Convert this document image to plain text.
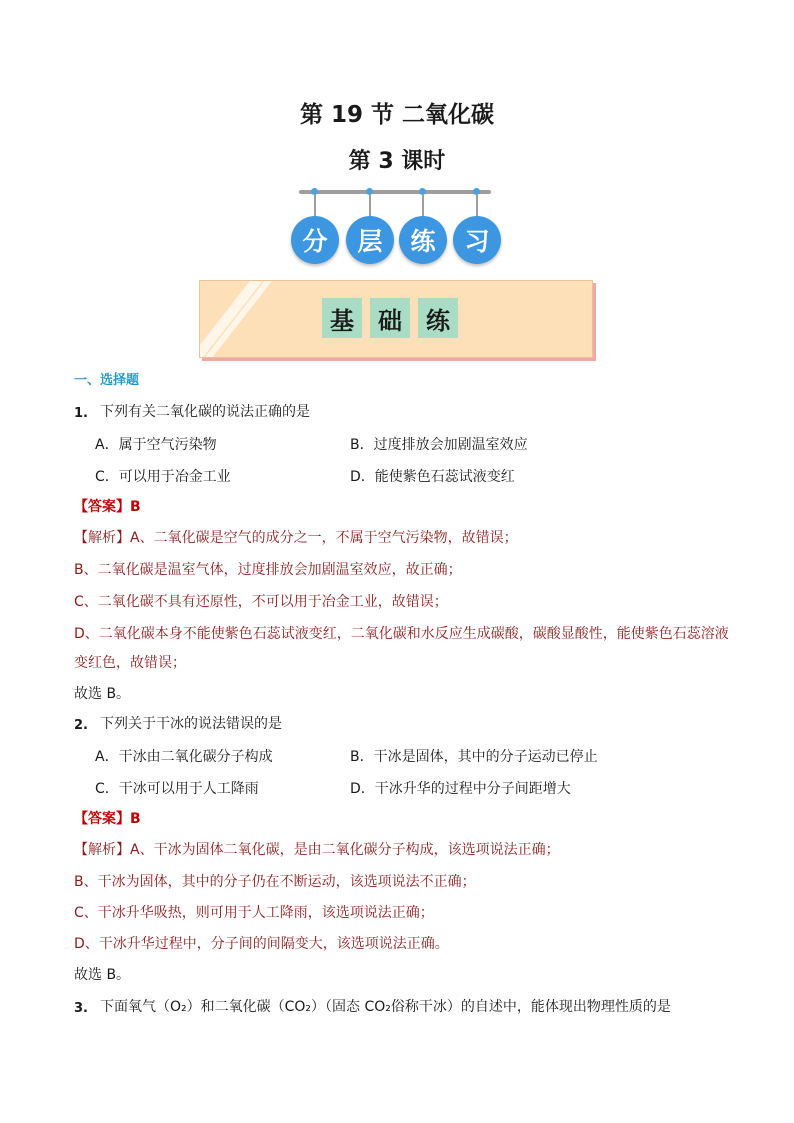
第 19 节 二氧化碳
第 3 课时
分	层	练	习
基	础	练
一、选择题
1. 下列有关二氧化碳的说法正确的是
A．属于空气污染物	B．过度排放会加剧温室效应
C．可以用于冶金工业	D．能使紫色石蕊试液变红
【答案】B
【解析】A、二氧化碳是空气的成分之一，不属于空气污染物，故错误；
B、二氧化碳是温室气体，过度排放会加剧温室效应，故正确；
C、二氧化碳不具有还原性，不可以用于冶金工业，故错误；
D、二氧化碳本身不能使紫色石蕊试液变红，二氧化碳和水反应生成碳酸，碳酸显酸性，能使紫色石蕊溶液
变红色，故错误；
故选 B。
2. 下列关于干冰的说法错误的是
A．干冰由二氧化碳分子构成	B．干冰是固体，其中的分子运动已停止
C．干冰可以用于人工降雨	D．干冰升华的过程中分子间距增大
【答案】B
【解析】A、干冰为固体二氧化碳，是由二氧化碳分子构成，该选项说法正确；
B、干冰为固体，其中的分子仍在不断运动，该选项说法不正确；
C、干冰升华吸热，则可用于人工降雨，该选项说法正确；
D、干冰升华过程中，分子间的间隔变大，该选项说法正确。
故选 B。
3. 下面氧气（O₂）和二氧化碳（CO₂）（固态 CO₂俗称干冰）的自述中，能体现出物理性质的是
